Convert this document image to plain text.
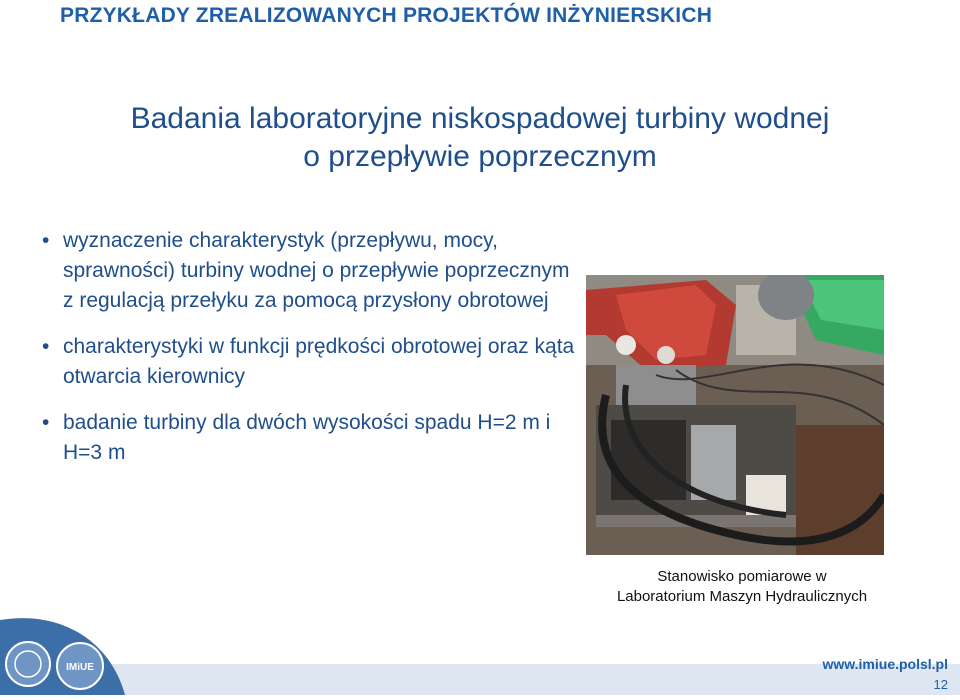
PRZYKŁADY ZREALIZOWANYCH PROJEKTÓW INŻYNIERSKICH
Badania laboratoryjne niskospadowej turbiny wodnej
o przepływie poprzecznym
• wyznaczenie charakterystyk (przepływu, mocy, sprawności) turbiny wodnej o przepływie poprzecznym z regulacją przełyku za pomocą przysłony obrotowej
• charakterystyki w funkcji prędkości obrotowej oraz kąta otwarcia kierownicy
• badanie turbiny dla dwóch wysokości spadu H=2 m i H=3 m
Stanowisko pomiarowe w
Laboratorium Maszyn Hydraulicznych
IMiUE	www.imiue.polsl.pl
12
